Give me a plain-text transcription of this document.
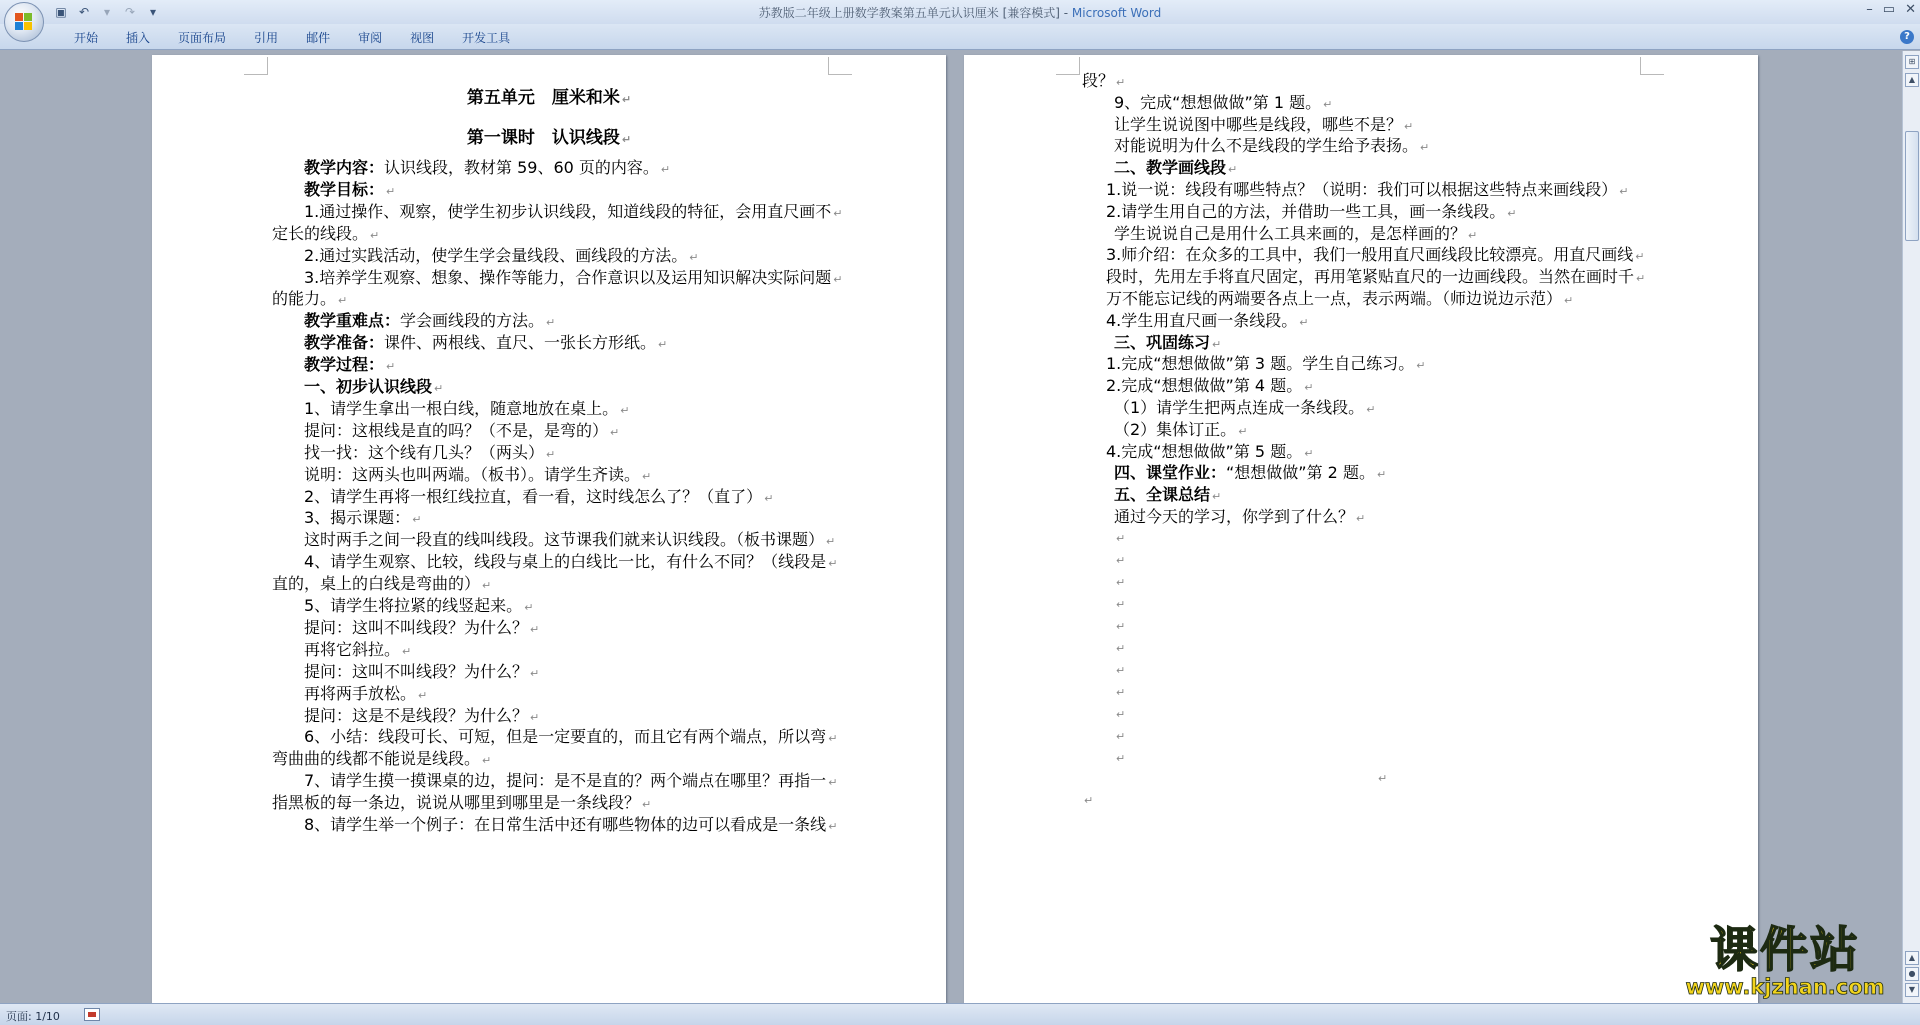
▣	↶	▾	↷	▾	苏教版二年级上册数学教案第五单元认识厘米 [兼容模式] - Microsoft Word	– ▭ ✕
开始	插入	页面布局	引用	邮件	审阅	视图	开发工具	?
第五单元　厘米和米 ↵
第一课时　认识线段 ↵
教学内容：认识线段，教材第 59、60 页的内容。 ↵
教学目标： ↵
1.通过操作、观察，使学生初步认识线段，知道线段的特征，会用直尺画不 ↵
定长的线段。 ↵
2.通过实践活动，使学生学会量线段、画线段的方法。 ↵
3.培养学生观察、想象、操作等能力，合作意识以及运用知识解决实际问题 ↵
的能力。 ↵
教学重难点：学会画线段的方法。 ↵
教学准备：课件、两根线、直尺、一张长方形纸。 ↵
教学过程： ↵
一、初步认识线段 ↵
1、请学生拿出一根白线，随意地放在桌上。 ↵
提问：这根线是直的吗？（不是，是弯的） ↵
找一找：这个线有几头？（两头） ↵
说明：这两头也叫两端。（板书）。请学生齐读。 ↵
2、请学生再将一根红线拉直，看一看，这时线怎么了？（直了） ↵
3、揭示课题： ↵
这时两手之间一段直的线叫线段。这节课我们就来认识线段。（板书课题） ↵
4、请学生观察、比较，线段与桌上的白线比一比，有什么不同？（线段是 ↵
直的，桌上的白线是弯曲的） ↵
5、请学生将拉紧的线竖起来。 ↵
提问：这叫不叫线段？为什么？ ↵
再将它斜拉。 ↵
提问：这叫不叫线段？为什么？ ↵
再将两手放松。 ↵
提问：这是不是线段？为什么？ ↵
6、小结：线段可长、可短，但是一定要直的，而且它有两个端点，所以弯 ↵
弯曲曲的线都不能说是线段。 ↵
7、请学生摸一摸课桌的边，提问：是不是直的？两个端点在哪里？再指一 ↵
指黑板的每一条边，说说从哪里到哪里是一条线段？ ↵
8、请学生举一个例子：在日常生活中还有哪些物体的边可以看成是一条线 ↵
段？ ↵
9、完成“想想做做”第 1 题。 ↵
让学生说说图中哪些是线段，哪些不是？ ↵
对能说明为什么不是线段的学生给予表扬。 ↵
二、教学画线段 ↵
1.说一说：线段有哪些特点？（说明：我们可以根据这些特点来画线段） ↵
2.请学生用自己的方法，并借助一些工具，画一条线段。 ↵
学生说说自己是用什么工具来画的，是怎样画的？ ↵
3.师介绍：在众多的工具中，我们一般用直尺画线段比较漂亮。用直尺画线 ↵
段时，先用左手将直尺固定，再用笔紧贴直尺的一边画线段。当然在画时千 ↵
万不能忘记线的两端要各点上一点，表示两端。（师边说边示范） ↵
4.学生用直尺画一条线段。 ↵
三、巩固练习 ↵
1.完成“想想做做”第 3 题。学生自己练习。 ↵
2.完成“想想做做”第 4 题。 ↵
（1）请学生把两点连成一条线段。 ↵
（2）集体订正。 ↵
4.完成“想想做做”第 5 题。 ↵
四、课堂作业：“想想做做”第 2 题。 ↵
五、全课总结 ↵
通过今天的学习，你学到了什么？ ↵
↵
↵
↵
↵
↵
↵
↵
↵
↵
↵
↵
↵
↵
⊞
▲
▲
●
▼
页面: 1/10
课件站
www.kjzhan.com
